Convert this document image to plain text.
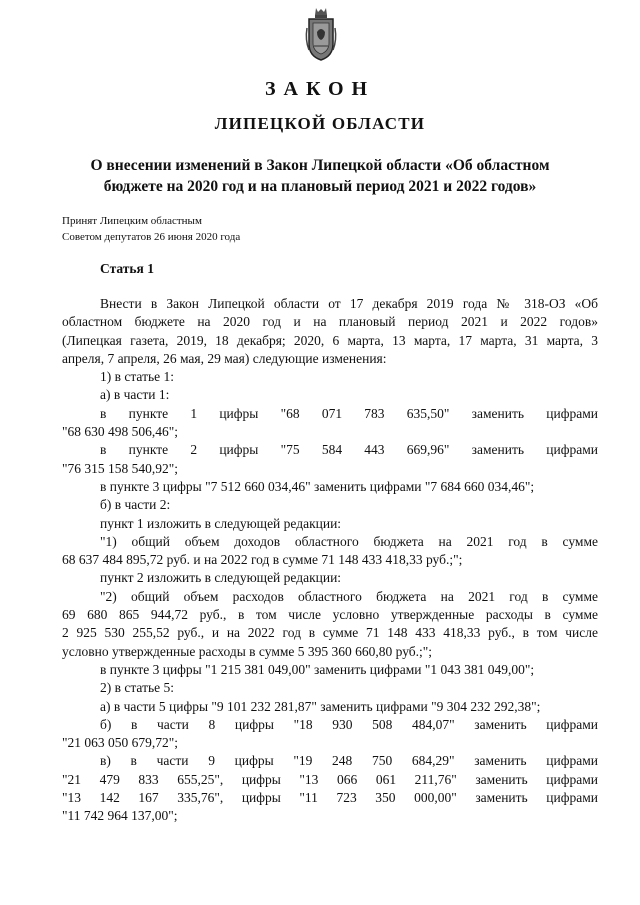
ЗАКОН
ЛИПЕЦКОЙ ОБЛАСТИ
О внесении изменений в Закон Липецкой области «Об областном
бюджете на 2020 год и на плановый период 2021 и 2022 годов»
Принят Липецким областным
Советом депутатов 26 июня 2020 года
Статья 1

Внести в Закон Липецкой области от 17 декабря 2019 года № 318-ОЗ «Об

областном бюджете на 2020 год и на плановый период 2021 и 2022 годов»

(Липецкая газета, 2019, 18 декабря; 2020, 6 марта, 13 марта, 17 марта, 31 марта, 3

апреля, 7 апреля, 26 мая, 29 мая) следующие изменения:

1) в статье 1:

а) в части 1:

в пункте 1 цифры "68 071 783 635,50" заменить цифрами

"68 630 498 506,46";

в пункте 2 цифры "75 584 443 669,96" заменить цифрами

"76 315 158 540,92";

в пункте 3 цифры "7 512 660 034,46" заменить цифрами "7 684 660 034,46";

б) в части 2:

пункт 1 изложить в следующей редакции:

"1) общий объем доходов областного бюджета на 2021 год в сумме

68 637 484 895,72 руб. и на 2022 год в сумме 71 148 433 418,33 руб.;";

пункт 2 изложить в следующей редакции:

"2) общий объем расходов областного бюджета на 2021 год в сумме

69 680 865 944,72 руб., в том числе условно утвержденные расходы в сумме

2 925 530 255,52 руб., и на 2022 год в сумме 71 148 433 418,33 руб., в том числе

условно утвержденные расходы в сумме 5 395 360 660,80 руб.;";

в пункте 3 цифры "1 215 381 049,00" заменить цифрами "1 043 381 049,00";

2) в статье 5:

а) в части 5 цифры "9 101 232 281,87" заменить цифрами "9 304 232 292,38";

б) в части 8 цифры "18 930 508 484,07" заменить цифрами

"21 063 050 679,72";

в) в части 9 цифры "19 248 750 684,29" заменить цифрами

"21 479 833 655,25", цифры "13 066 061 211,76" заменить цифрами

"13 142 167 335,76", цифры "11 723 350 000,00" заменить цифрами

"11 742 964 137,00";
